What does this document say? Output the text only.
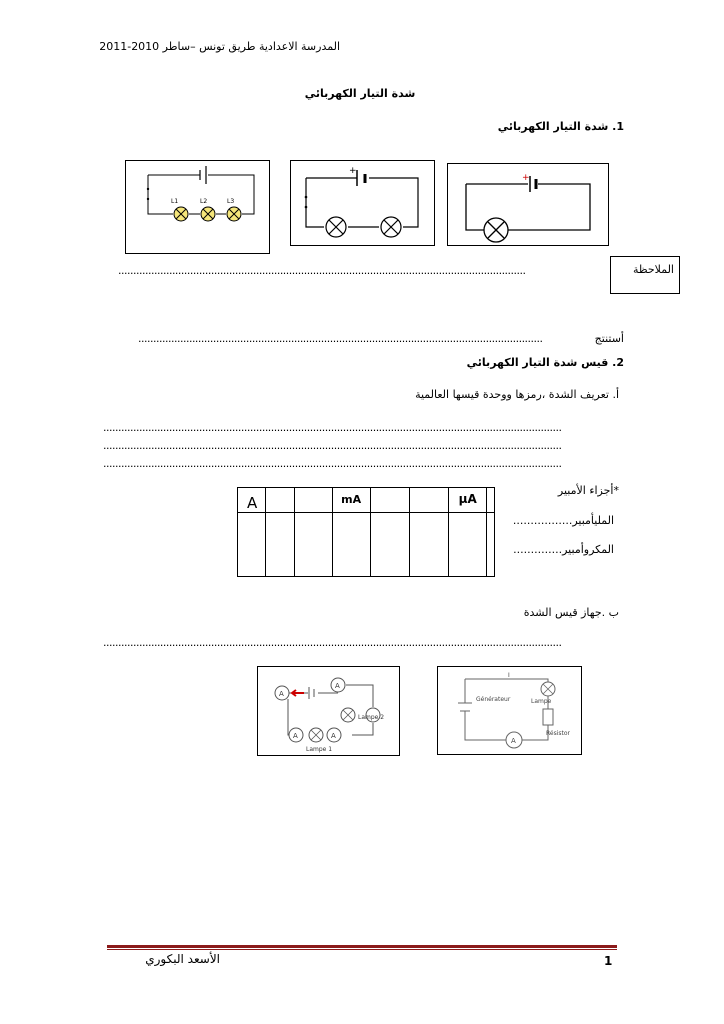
المدرسة الاعدادية طريق تونس –ساطر 2010-2011
شدة التيار الكهربائي
1. شدة التيار الكهربائي
L1	L2	L3
+
+
الملاحظة
........................................................................................................................................
أستنتج
.......................................................................................................................................
2. قيس شدة التيار الكهربائي
أ. تعريف الشدة ،رمزها ووحدة قيسها العالمية
.........................................................................................................................................................
.........................................................................................................................................................
.........................................................................................................................................................
*أجزاء الأمبير
المليأمبير.................
المكروأمبير..............
A			mA			µA	

ب .جهاز قيس الشدة
.........................................................................................................................................................
A
A
A	A
Lampe 2
Lampe 1
I
Générateur	Lampe
Résistor
A
الأسعد البكوري	1
